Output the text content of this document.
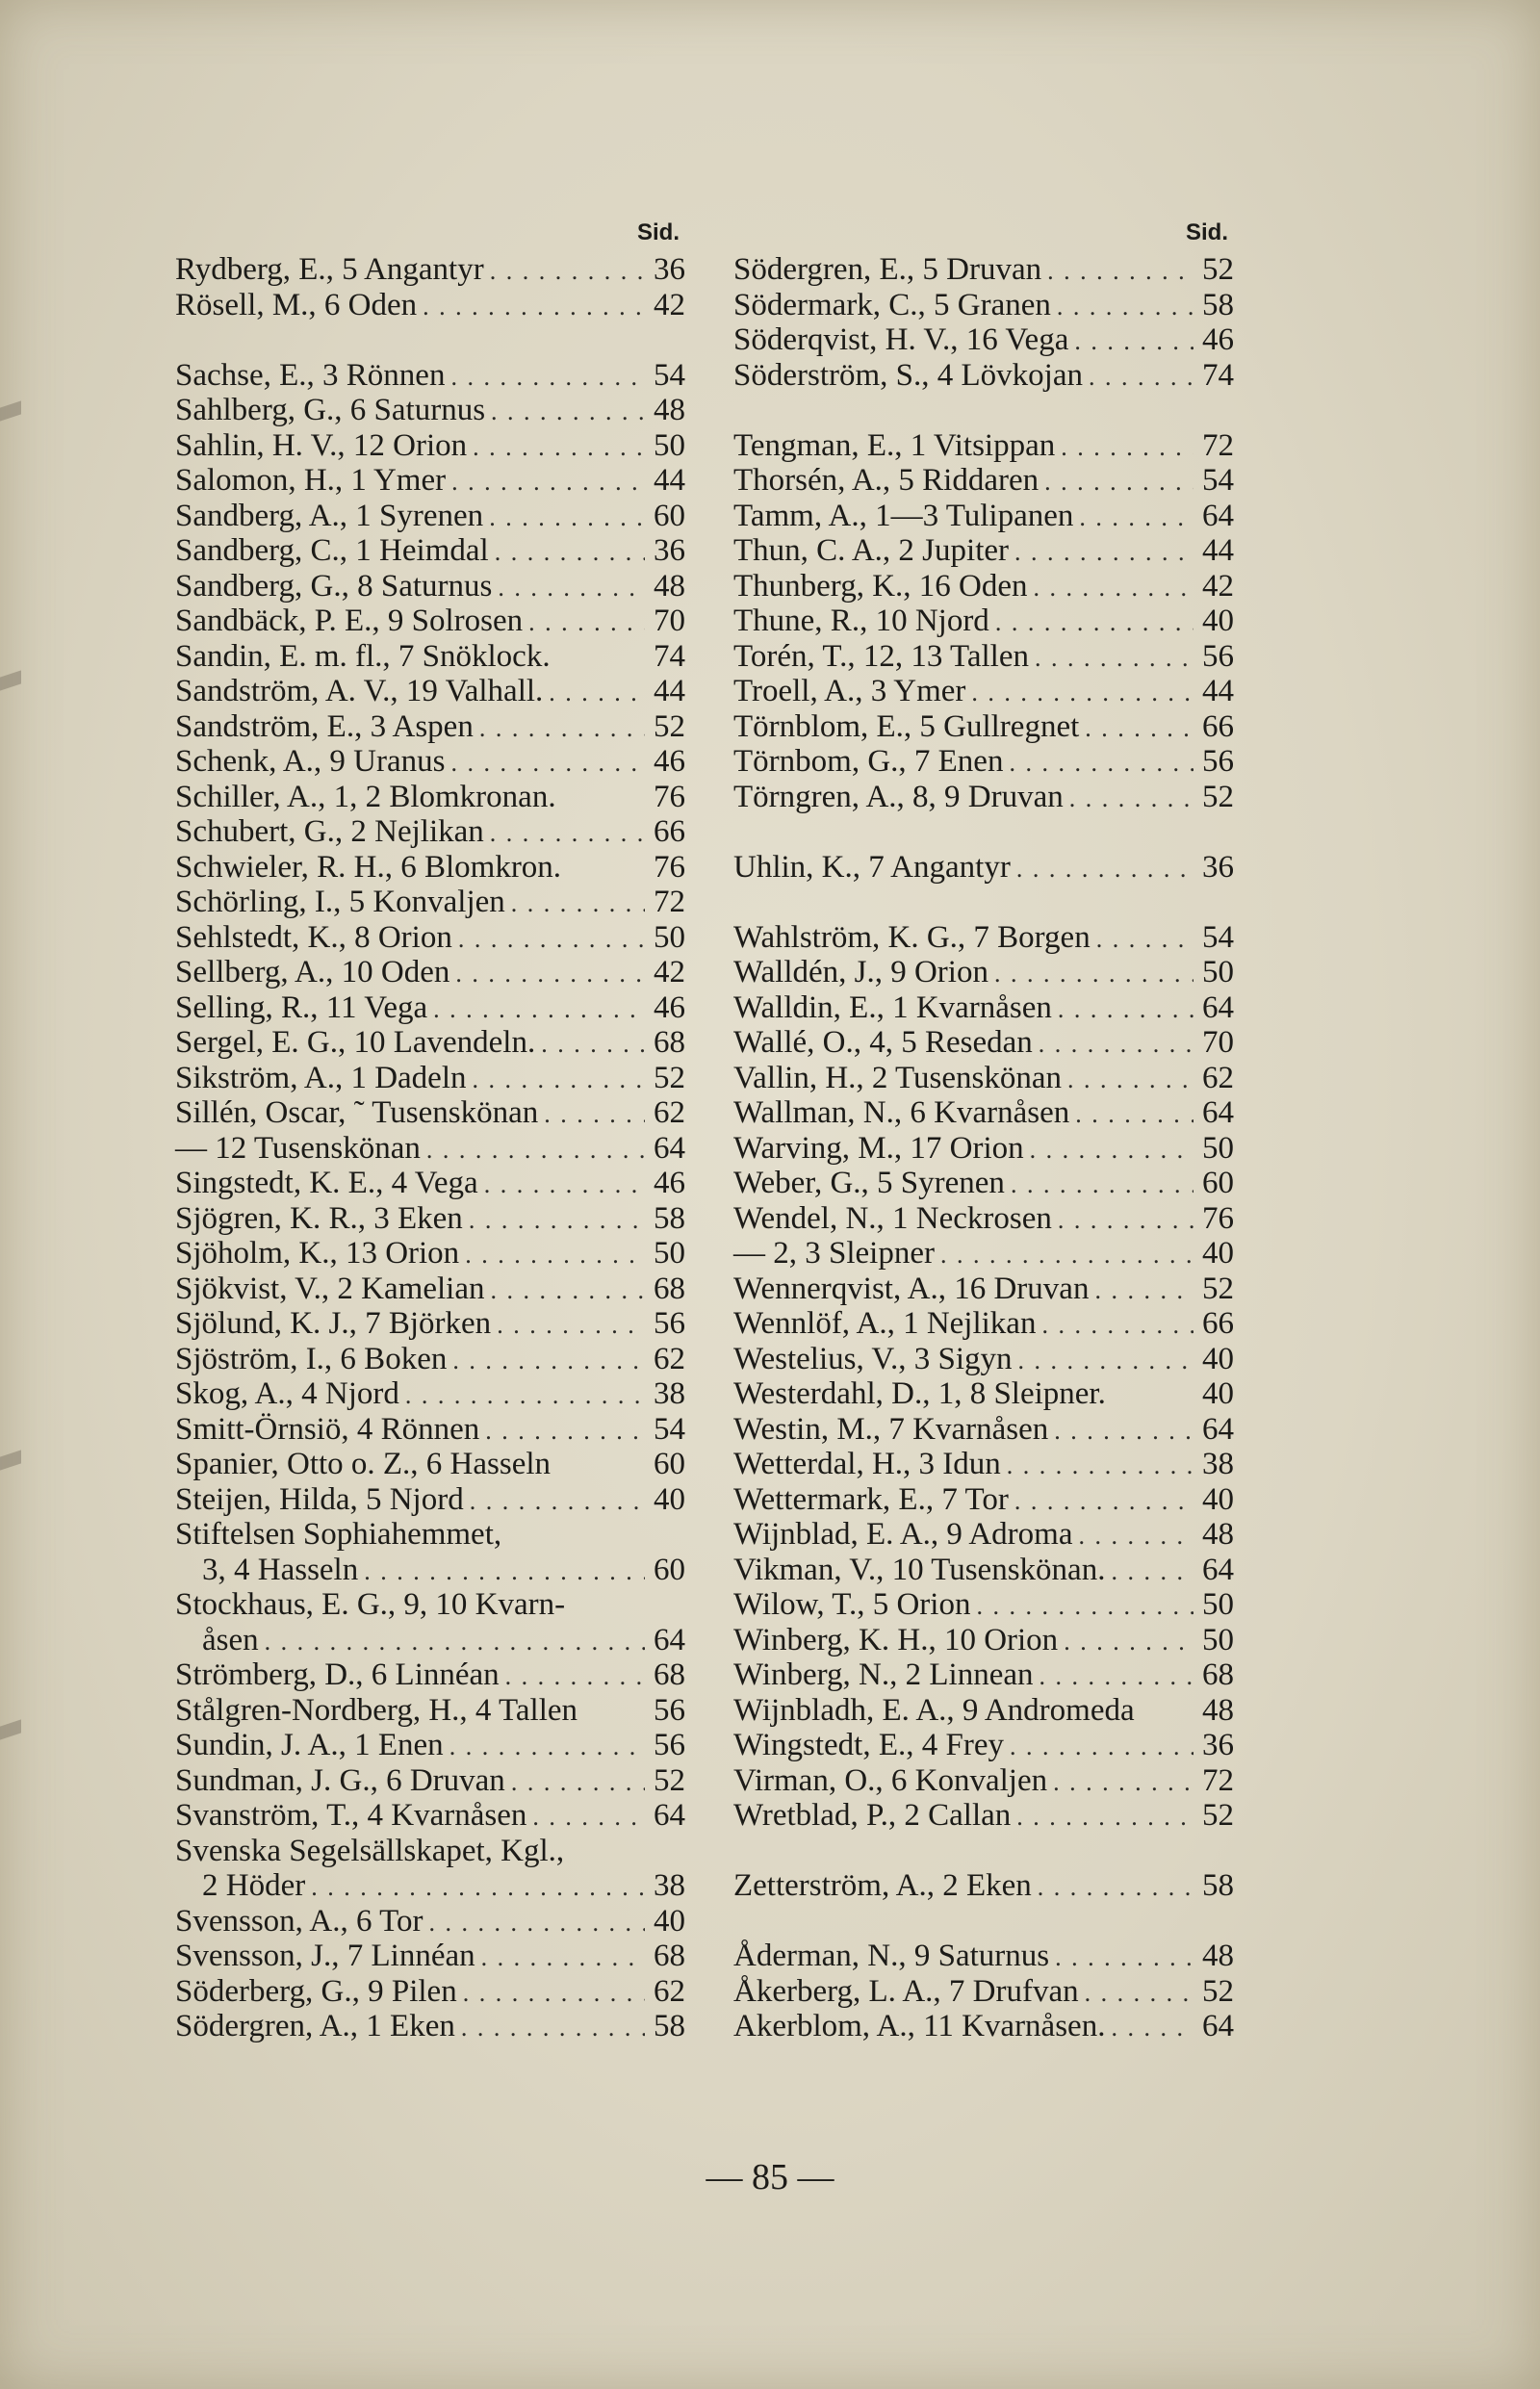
Sid.
Rydberg, E., 5 Angantyr . . .	36
Rösell, M., 6 Oden . . .	42
Sachse, E., 3 Rönnen . . .	54
Sahlberg, G., 6 Saturnus . . .	48
Sahlin, H. V., 12 Orion . . .	50
Salomon, H., 1 Ymer . . .	44
Sandberg, A., 1 Syrenen . . .	60
Sandberg, C., 1 Heimdal . . .	36
Sandberg, G., 8 Saturnus . . .	48
Sandbäck, P. E., 9 Solrosen . . .	70
Sandin, E. m. fl., 7 Snöklock.	74
Sandström, A. V., 19 Valhall. . . .	44
Sandström, E., 3 Aspen . . .	52
Schenk, A., 9 Uranus . . .	46
Schiller, A., 1, 2 Blomkronan.	76
Schubert, G., 2 Nejlikan . . .	66
Schwieler, R. H., 6 Blomkron.	76
Schörling, I., 5 Konvaljen . . .	72
Sehlstedt, K., 8 Orion . . .	50
Sellberg, A., 10 Oden . . .	42
Selling, R., 11 Vega . . .	46
Sergel, E. G., 10 Lavendeln. . . .	68
Sikström, A., 1 Dadeln . . .	52
Sillén, Oscar, ˜ Tusenskönan . . .	62
— 12 Tusenskönan . . .	64
Singstedt, K. E., 4 Vega . . .	46
Sjögren, K. R., 3 Eken . . .	58
Sjöholm, K., 13 Orion . . .	50
Sjökvist, V., 2 Kamelian . . .	68
Sjölund, K. J., 7 Björken . . .	56
Sjöström, I., 6 Boken . . .	62
Skog, A., 4 Njord . . .	38
Smitt-Örnsiö, 4 Rönnen . . .	54
Spanier, Otto o. Z., 6 Hasseln	60
Steijen, Hilda, 5 Njord . . .	40
Stiftelsen Sophiahemmet,
3, 4 Hasseln . . .	60
Stockhaus, E. G., 9, 10 Kvarn-
åsen . . .	64
Strömberg, D., 6 Linnéan . . .	68
Stålgren-Nordberg, H., 4 Tallen 56
Sundin, J. A., 1 Enen . . .	56
Sundman, J. G., 6 Druvan . . .	52
Svanström, T., 4 Kvarnåsen . . .	64
Svenska Segelsällskapet, Kgl.,
2 Höder . . .	38
Svensson, A., 6 Tor . . .	40
Svensson, J., 7 Linnéan . . .	68
Söderberg, G., 9 Pilen . . .	62
Södergren, A., 1 Eken . . .	58
Sid.
Södergren, E., 5 Druvan . . .	52
Södermark, C., 5 Granen . . .	58
Söderqvist, H. V., 16 Vega . . .	46
Söderström, S., 4 Lövkojan . . .	74
Tengman, E., 1 Vitsippan . . .	72
Thorsén, A., 5 Riddaren . . .	54
Tamm, A., 1—3 Tulipanen . . .	64
Thun, C. A., 2 Jupiter . . .	44
Thunberg, K., 16 Oden . . .	42
Thune, R., 10 Njord . . .	40
Torén, T., 12, 13 Tallen . . .	56
Troell, A., 3 Ymer . . .	44
Törnblom, E., 5 Gullregnet . . .	66
Törnbom, G., 7 Enen . . .	56
Törngren, A., 8, 9 Druvan . . .	52
Uhlin, K., 7 Angantyr . . .	36
Wahlström, K. G., 7 Borgen . . .	54
Walldén, J., 9 Orion . . .	50
Walldin, E., 1 Kvarnåsen . . .	64
Wallé, O., 4, 5 Resedan . . .	70
Vallin, H., 2 Tusenskönan . . .	62
Wallman, N., 6 Kvarnåsen . . .	64
Warving, M., 17 Orion . . .	50
Weber, G., 5 Syrenen . . .	60
Wendel, N., 1 Neckrosen . . .	76
— 2, 3 Sleipner . . .	40
Wennerqvist, A., 16 Druvan . . .	52
Wennlöf, A., 1 Nejlikan . . .	66
Westelius, V., 3 Sigyn . . .	40
Westerdahl, D., 1, 8 Sleipner.	40
Westin, M., 7 Kvarnåsen . . .	64
Wetterdal, H., 3 Idun . . .	38
Wettermark, E., 7 Tor . . .	40
Wijnblad, E. A., 9 Adroma . . .	48
Vikman, V., 10 Tusenskönan. . . .	64
Wilow, T., 5 Orion . . .	50
Winberg, K. H., 10 Orion . . .	50
Winberg, N., 2 Linnean . . .	68
Wijnbladh, E. A., 9 Andromeda 48
Wingstedt, E., 4 Frey . . .	36
Virman, O., 6 Konvaljen . . .	72
Wretblad, P., 2 Callan . . .	52
Zetterström, A., 2 Eken . . .	58
Åderman, N., 9 Saturnus . . .	48
Åkerberg, L. A., 7 Drufvan . . .	52
Akerblom, A., 11 Kvarnåsen. . . .	64
— 85 —
